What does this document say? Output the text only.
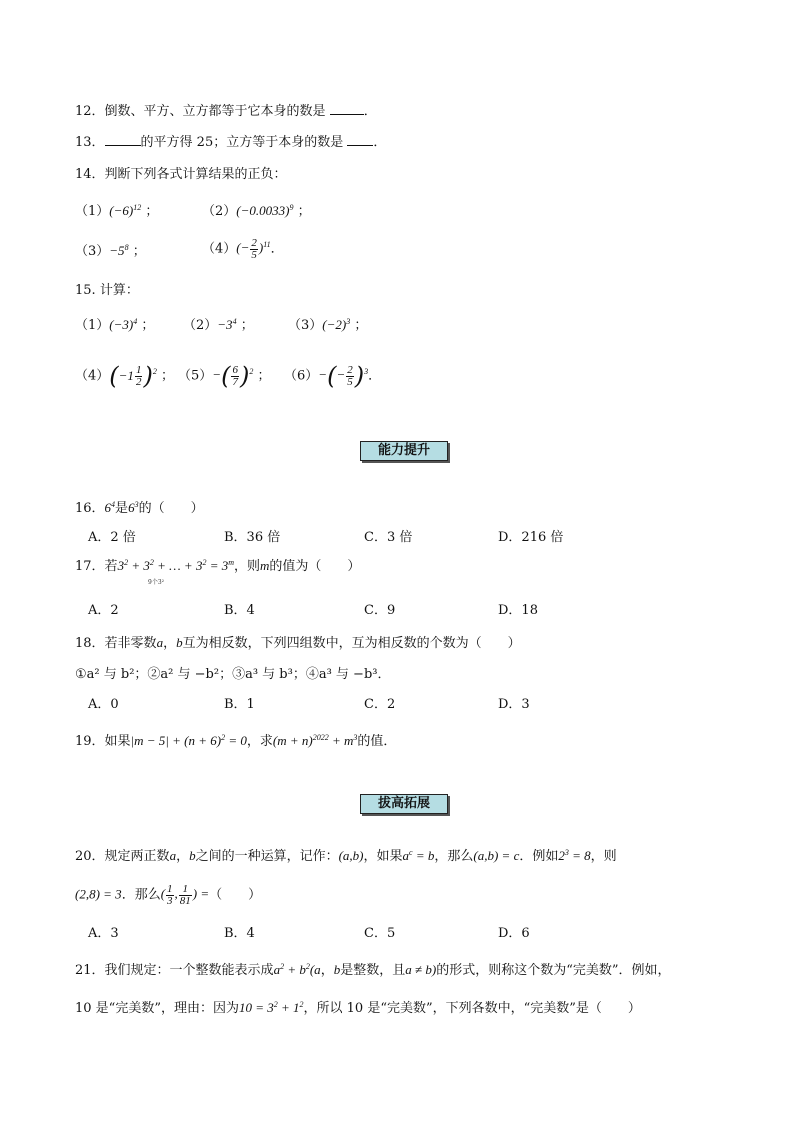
12．倒数、平方、立方都等于它本身的数是	．
13．	的平方得 25；立方等于本身的数是 ．
14．判断下列各式计算结果的正负：
$(1)(-6)^{12}$ ；	$(2)(-0.0033)^9$ ；
$(3)-5^8$ ；	$(4)(- \frac{2}{5} )^{11}$．
15. 计算：
$(1)(-3)^4$ ； $(2)-3^4$ ；	$(3)(-2)^3$ ；
$(4)(-1 \frac{1}{2} )^2$ ； $(5)-( \frac{6}{7} )^2$ ； $(6)-(- \frac{2}{5} )^3$．
能力提升
16．$6^4$是$6^3$的（　　）
A．2 倍	B．36 倍	C．3 倍	D．216 倍
17．若$3^2 + 3^2$ + … + $3^2 = 3^m$，则m的值为（　　）
9个3²
A．2	B．4	C．9	D．18
18．若非零数a，b互为相反数，下列四组数中，互为相反数的个数为（　　）
①a² 与 b²；②a² 与 −b²；③a³ 与 b³；④a³ 与 −b³．
A．0	B．1	C．2	D．3
19．如果$|m - 5| + (n + 6)^2 = 0$，求$(m + n)^{2022} + m^3$的值．
拔高拓展
20．规定两正数a，b之间的一种运算，记作：(a,b)，如果$a^c = b$，那么(a,b) = c．例如$2^3 = 8$，则
(2,8) = 3．那么( $\frac{1}{3}$ , $\frac{1}{81}$ ) =（　　）
A．3	B．4	C．5	D．6
21．我们规定：一个整数能表示成$a^2 + b^2(a$，b是整数，且a ≠ b)的形式，则称这个数为“完美数”．例如，
10 是“完美数”，理由：因为$10 = 3^2 + 1^2$，所以 10 是“完美数”，下列各数中，“完美数”是（　　）
